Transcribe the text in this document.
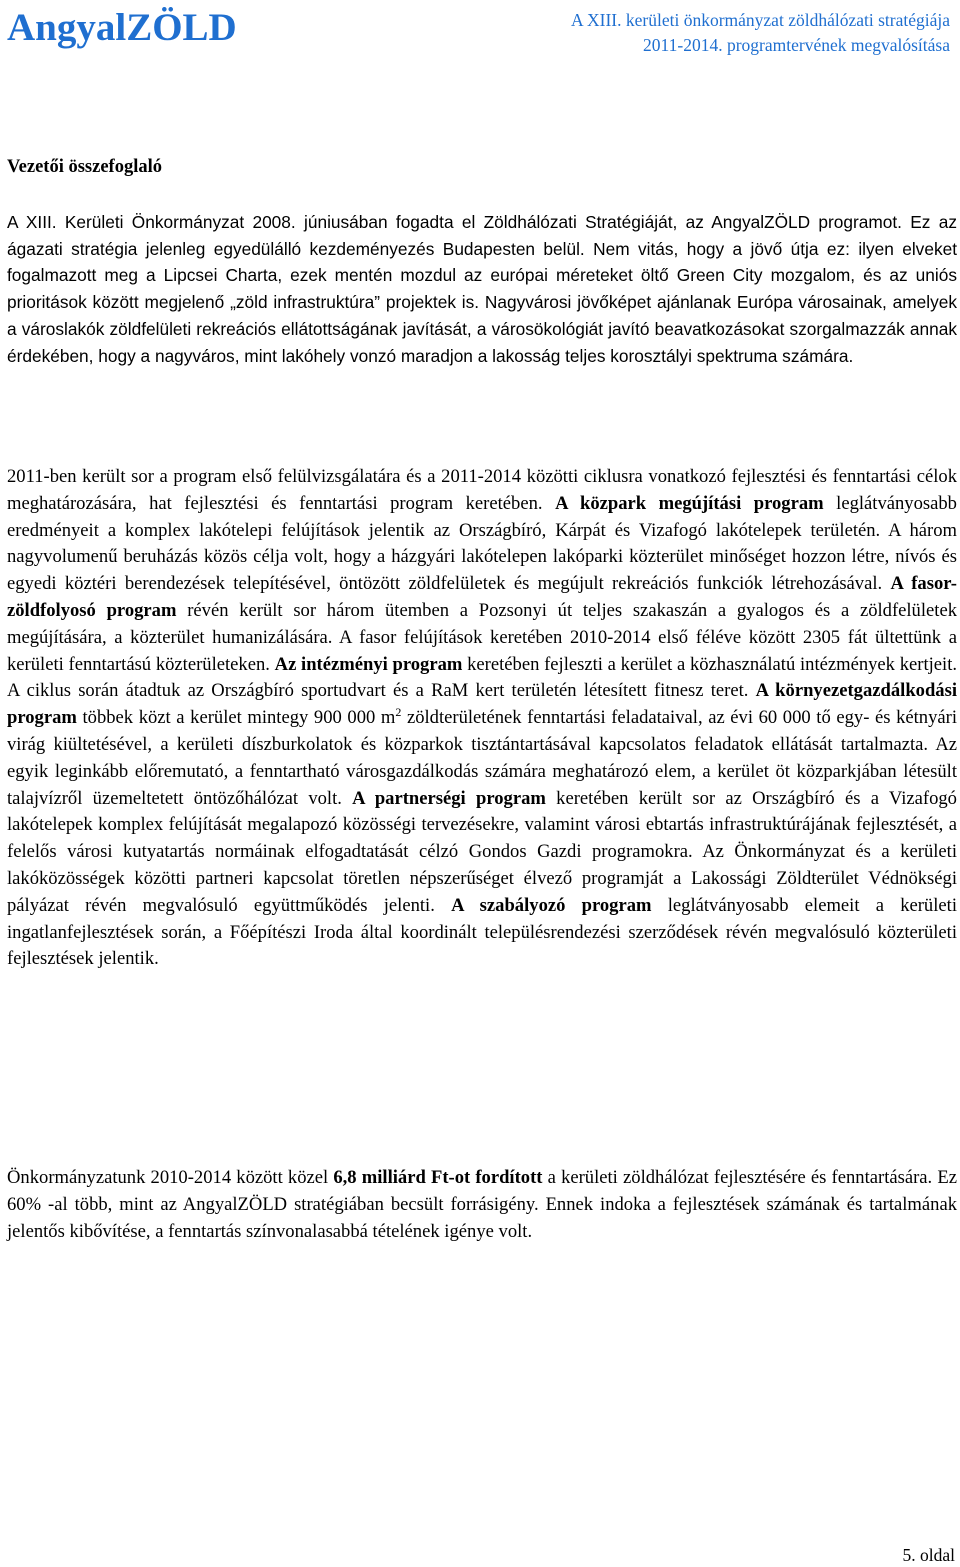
AngyalZÖLD	A XIII. kerületi önkormányzat zöldhálózati stratégiája
2011-2014. programtervének megvalósítása
Vezetői összefoglaló

A XIII. Kerületi Önkormányzat 2008. júniusában fogadta el Zöldhálózati Stratégiáját, az AngyalZÖLD programot. Ez az ágazati stratégia jelenleg egyedülálló kezdeményezés Budapesten belül. Nem vitás, hogy a jövő útja ez: ilyen elveket fogalmazott meg a Lipcsei Charta, ezek mentén mozdul az európai méreteket öltő Green City mozgalom, és az uniós prioritások között megjelenő „zöld infrastruktúra” projektek is. Nagyvárosi jövőképet ajánlanak Európa városainak, amelyek a városlakók zöldfelületi rekreációs ellátottságának javítását, a városökológiát javító beavatkozásokat szorgalmazzák annak érdekében, hogy a nagyváros, mint lakóhely vonzó maradjon a lakosság teljes korosztályi spektruma számára.

2011-ben került sor a program első felülvizsgálatára és a 2011-2014 közötti ciklusra vonatkozó fejlesztési és fenntartási célok meghatározására, hat fejlesztési és fenntartási program keretében. A közpark megújítási program leglátványosabb eredményeit a komplex lakótelepi felújítások jelentik az Országbíró, Kárpát és Vizafogó lakótelepek területén. A három nagyvolumenű beruházás közös célja volt, hogy a házgyári lakótelepen lakóparki közterület minőséget hozzon létre, nívós és egyedi köztéri berendezések telepítésével, öntözött zöldfelületek és megújult rekreációs funkciók létrehozásával. A fasor-zöldfolyosó program révén került sor három ütemben a Pozsonyi út teljes szakaszán a gyalogos és a zöldfelületek megújítására, a közterület humanizálására. A fasor felújítások keretében 2010-2014 első féléve között 2305 fát ültettünk a kerületi fenntartású közterületeken. Az intézményi program keretében fejleszti a kerület a közhasználatú intézmények kertjeit. A ciklus során átadtuk az Országbíró sportudvart és a RaM kert területén létesített fitnesz teret. A környezetgazdálkodási program többek közt a kerület mintegy 900 000 $m^2$ zöldterületének fenntartási feladataival, az évi 60 000 tő egy- és kétnyári virág kiültetésével, a kerületi díszburkolatok és közparkok tisztántartásával kapcsolatos feladatok ellátását tartalmazta. Az egyik leginkább előremutató, a fenntartható városgazdálkodás számára meghatározó elem, a kerület öt közparkjában létesült talajvízről üzemeltetett öntözőhálózat volt. A partnerségi program keretében került sor az Országbíró és a Vizafogó lakótelepek komplex felújítását megalapozó közösségi tervezésekre, valamint városi ebtartás infrastruktúrájának fejlesztését, a felelős városi kutyatartás normáinak elfogadtatását célzó Gondos Gazdi programokra. Az Önkormányzat és a kerületi lakóközösségek közötti partneri kapcsolat töretlen népszerűséget élvező programját a Lakossági Zöldterület Védnökségi pályázat révén megvalósuló együttműködés jelenti. A szabályozó program leglátványosabb elemeit a kerületi ingatlanfejlesztések során, a Főépítészi Iroda által koordinált településrendezési szerződések révén megvalósuló közterületi fejlesztések jelentik.

Önkormányzatunk 2010-2014 között közel 6,8 milliárd Ft-ot fordított a kerületi zöldhálózat fejlesztésére és fenntartására. Ez 60% -al több, mint az AngyalZÖLD stratégiában becsült forrásigény. Ennek indoka a fejlesztések számának és tartalmának jelentős kibővítése, a fenntartás színvonalasabbá tételének igénye volt.

5. oldal
